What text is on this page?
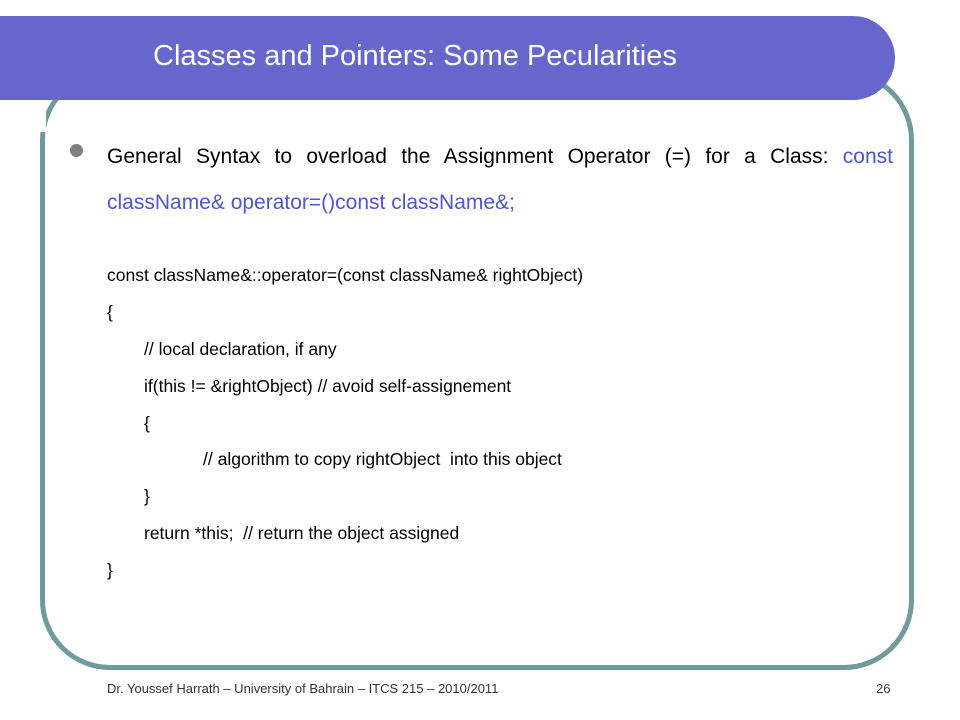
Classes and Pointers: Some Pecularities

General Syntax to overload the Assignment Operator (=) for a Class: const className& operator=()const className&;

const className&::operator=(const className& rightObject)
{
// local declaration, if any
if(this != &rightObject) // avoid self-assignement
{
// algorithm to copy rightObject  into this object
}
return *this;  // return the object assigned
}
Dr. Youssef Harrath – University of Bahrain – ITCS 215 – 2010/2011	26
